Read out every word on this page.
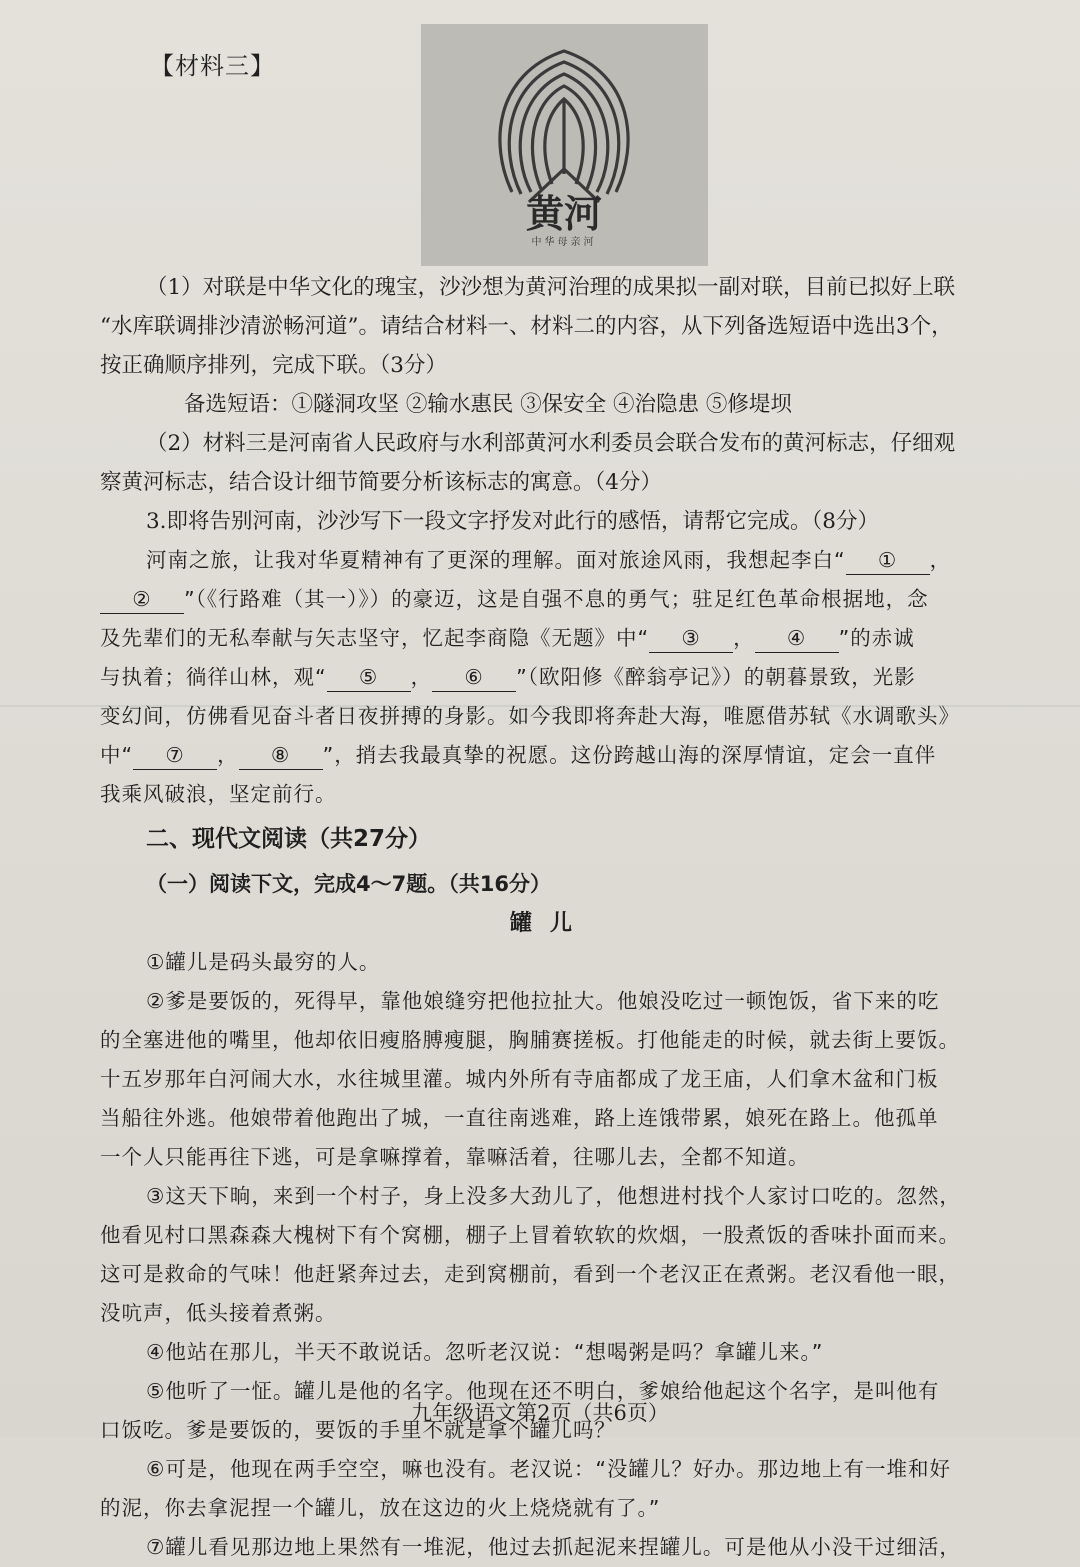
【材料三】
黄河
中华母亲河
（1）对联是中华文化的瑰宝，沙沙想为黄河治理的成果拟一副对联，目前已拟好上联
“水库联调排沙清淤畅河道”。请结合材料一、材料二的内容，从下列备选短语中选出3个，
按正确顺序排列，完成下联。（3分）
备选短语：①隧洞攻坚 ②输水惠民 ③保安全 ④治隐患 ⑤修堤坝
（2）材料三是河南省人民政府与水利部黄河水利委员会联合发布的黄河标志，仔细观
察黄河标志，结合设计细节简要分析该标志的寓意。（4分）
3.即将告别河南，沙沙写下一段文字抒发对此行的感悟，请帮它完成。（8分）
河南之旅，让我对华夏精神有了更深的理解。面对旅途风雨，我想起李白“ ① ，
② ”（《行路难（其一）》）的豪迈，这是自强不息的勇气；驻足红色革命根据地，念
及先辈们的无私奉献与矢志坚守，忆起李商隐《无题》中“ ③ ， ④ ”的赤诚
与执着；徜徉山林，观“ ⑤ ， ⑥ ”（欧阳修《醉翁亭记》）的朝暮景致，光影
变幻间，仿佛看见奋斗者日夜拼搏的身影。如今我即将奔赴大海，唯愿借苏轼《水调歌头》
中“ ⑦ ， ⑧ ”，捎去我最真挚的祝愿。这份跨越山海的深厚情谊，定会一直伴
我乘风破浪，坚定前行。
二、现代文阅读（共27分）
（一）阅读下文，完成4～7题。（共16分）
罐儿
①罐儿是码头最穷的人。
②爹是要饭的，死得早，靠他娘缝穷把他拉扯大。他娘没吃过一顿饱饭，省下来的吃
的全塞进他的嘴里，他却依旧瘦胳膊瘦腿，胸脯赛搓板。打他能走的时候，就去街上要饭。
十五岁那年白河闹大水，水往城里灌。城内外所有寺庙都成了龙王庙，人们拿木盆和门板
当船往外逃。他娘带着他跑出了城，一直往南逃难，路上连饿带累，娘死在路上。他孤单
一个人只能再往下逃，可是拿嘛撑着，靠嘛活着，往哪儿去，全都不知道。
③这天下晌，来到一个村子，身上没多大劲儿了，他想进村找个人家讨口吃的。忽然，
他看见村口黑森森大槐树下有个窝棚，棚子上冒着软软的炊烟，一股煮饭的香味扑面而来。
这可是救命的气味！他赶紧奔过去，走到窝棚前，看到一个老汉正在煮粥。老汉看他一眼，
没吭声，低头接着煮粥。
④他站在那儿，半天不敢说话。忽听老汉说：“想喝粥是吗？拿罐儿来。”
⑤他听了一怔。罐儿是他的名字。他现在还不明白，爹娘给他起这个名字，是叫他有
口饭吃。爹是要饭的，要饭的手里不就是拿个罐儿吗？
⑥可是，他现在两手空空，嘛也没有。老汉说：“没罐儿？好办。那边地上有一堆和好
的泥，你去拿泥捏一个罐儿，放在这边的火上烧烧就有了。”
⑦罐儿看见那边地上果然有一堆泥，他过去抓起泥来捏罐儿。可是他从小没干过细活，
九年级语文第2页（共6页）
